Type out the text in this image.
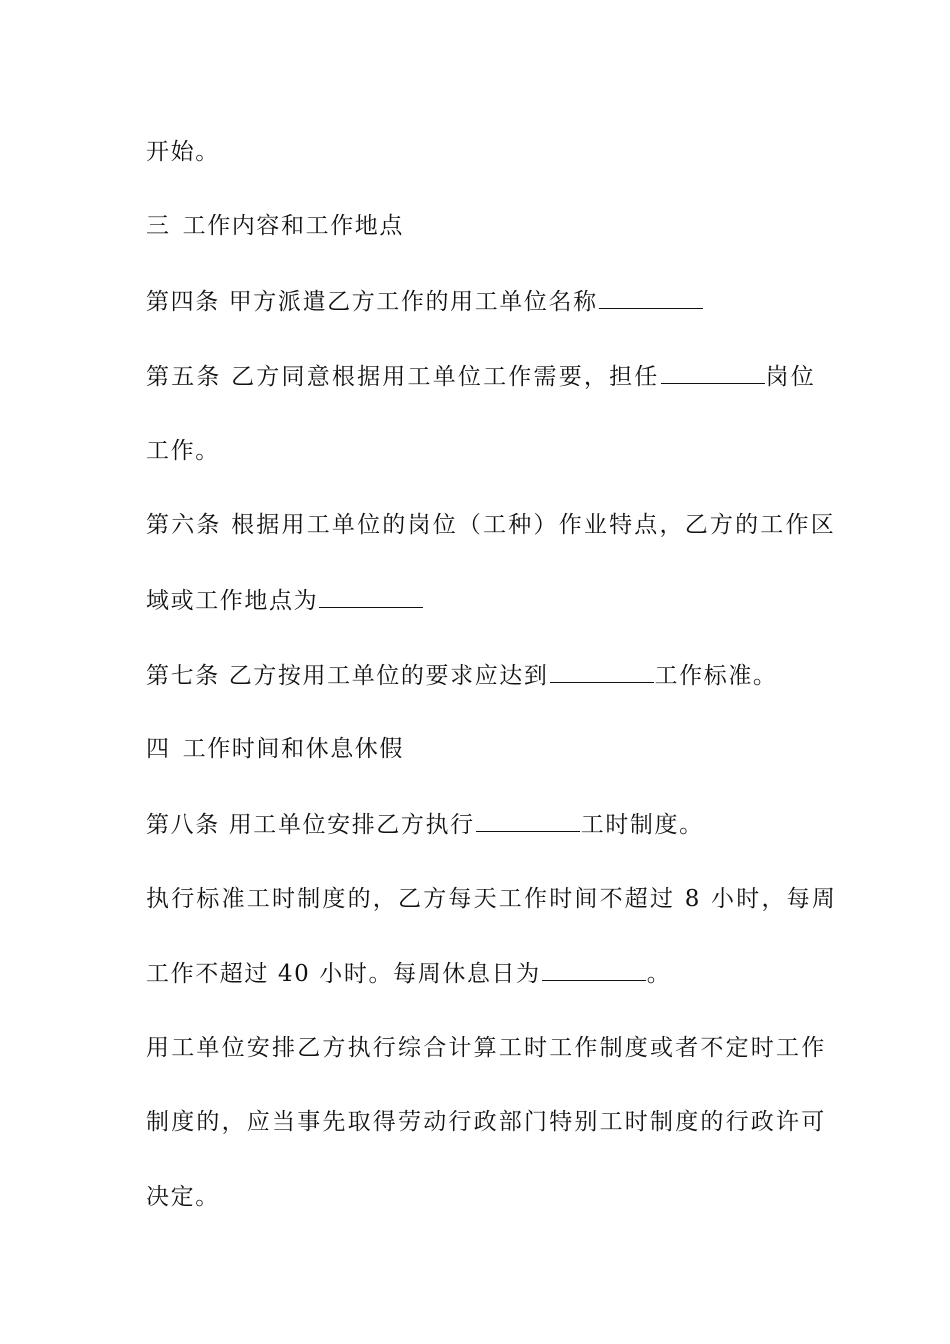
开始。
三 工作内容和工作地点
第四条 甲方派遣乙方工作的用工单位名称
第五条 乙方同意根据用工单位工作需要，担任	岗位
工作。
第六条 根据用工单位的岗位（工种）作业特点，乙方的工作区
域或工作地点为
第七条 乙方按用工单位的要求应达到	工作标准。
四 工作时间和休息休假
第八条 用工单位安排乙方执行	工时制度。
执行标准工时制度的，乙方每天工作时间不超过 8 小时，每周
工作不超过 40 小时。每周休息日为	。
用工单位安排乙方执行综合计算工时工作制度或者不定时工作
制度的，应当事先取得劳动行政部门特别工时制度的行政许可
决定。
